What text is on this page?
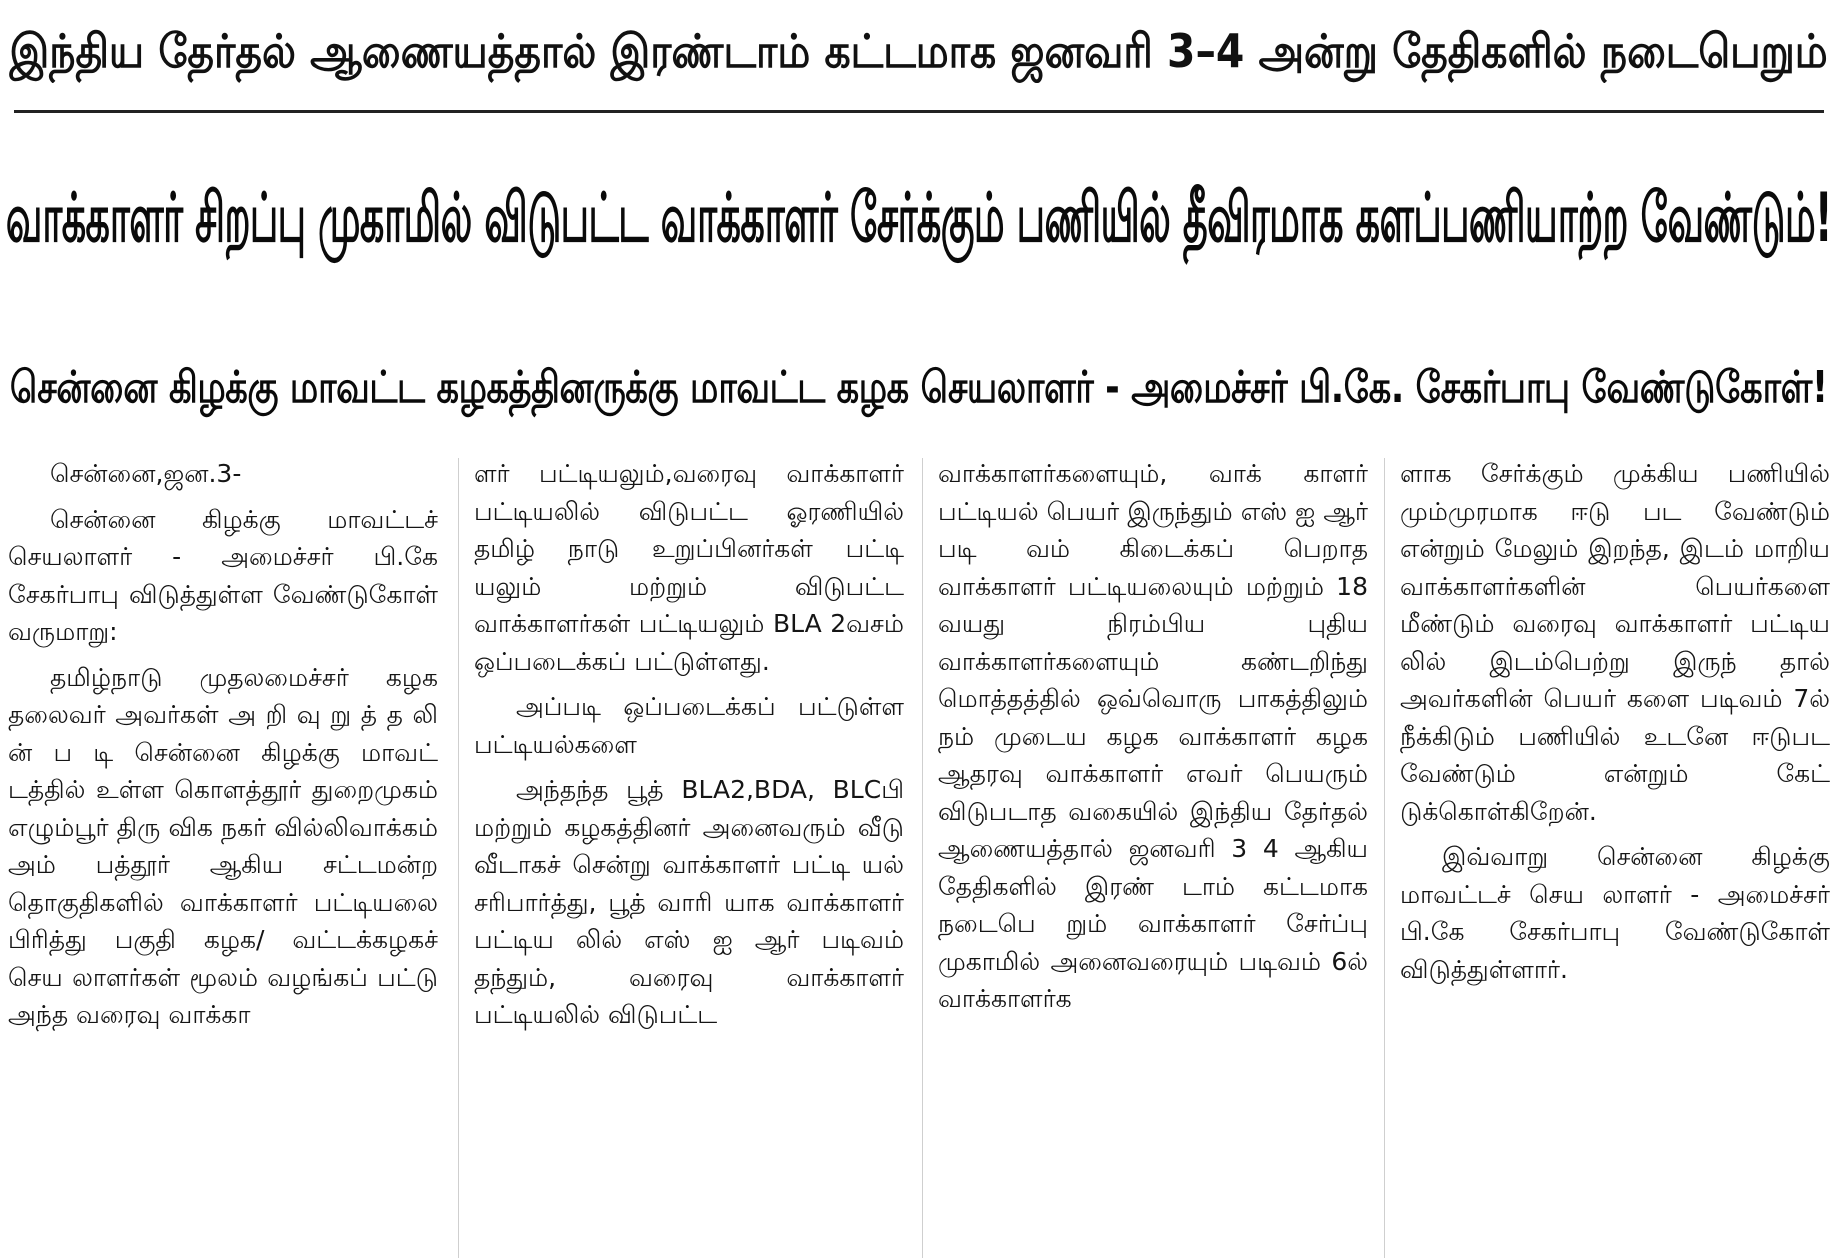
இந்திய தேர்தல் ஆணையத்தால் இரண்டாம் கட்டமாக ஜனவரி 3–4 அன்று தேதிகளில் நடைபெறும்
வாக்காளர் சிறப்பு முகாமில் விடுபட்ட வாக்காளர் சேர்க்கும் பணியில் தீவிரமாக களப்பணியாற்ற வேண்டும்!
சென்னை கிழக்கு மாவட்ட கழகத்தினருக்கு மாவட்ட கழக செயலாளர் - அமைச்சர் பி.கே. சேகர்பாபு வேண்டுகோள்!

சென்னை,ஜன.3-

சென்னை கிழக்கு மாவட்டச் செயலாளர் - அமைச்சர் பி.கே சேகர்பாபு விடுத்துள்ள வேண்டுகோள் வருமாறு:

தமிழ்நாடு முதலமைச்சர் கழக தலைவர் அவர்கள் அ றி வு று த் த லி ன் ப டி சென்னை கிழக்கு மாவட் டத்தில் உள்ள கொளத்தூர் துறைமுகம் எழும்பூர் திரு விக நகர் வில்லிவாக்கம் அம் பத்தூர் ஆகிய சட்டமன்ற தொகுதிகளில் வாக்காளர் பட்டியலை பிரித்து பகுதி கழக/ வட்டக்கழகச் செய லாளர்கள் மூலம் வழங்கப் பட்டு அந்த வரைவு வாக்கா

ளர் பட்டியலும்,வரைவு வாக்காளர் பட்டியலில் விடுபட்ட ஓரணியில் தமிழ் நாடு உறுப்பினர்கள் பட்டி யலும் மற்றும் விடுபட்ட வாக்காளர்கள் பட்டியலும் BLA 2வசம் ஒப்படைக்கப் பட்டுள்ளது.

அப்படி ஒப்படைக்கப் பட்டுள்ள பட்டியல்களை

அந்தந்த பூத் BLA2,BDA, BLCபி மற்றும் கழகத்தினர் அனைவரும் வீடு வீடாகச் சென்று வாக்காளர் பட்டி யல் சரிபார்த்து, பூத் வாரி யாக வாக்காளர் பட்டிய லில் எஸ் ஐ ஆர் படிவம் தந்தும், வரைவு வாக்காளர் பட்டியலில் விடுபட்ட

வாக்காளர்களையும், வாக் காளர் பட்டியல் பெயர் இருந்தும் எஸ் ஐ ஆர் படி வம் கிடைக்கப் பெறாத வாக்காளர் பட்டியலையும் மற்றும் 18 வயது நிரம்பிய புதிய வாக்காளர்களையும் கண்டறிந்து மொத்தத்தில் ஒவ்வொரு பாகத்திலும் நம் முடைய கழக வாக்காளர் கழக ஆதரவு வாக்காளர் எவர் பெயரும் விடுபடாத வகையில் இந்திய தேர்தல் ஆணையத்தால் ஜனவரி 3 4 ஆகிய தேதிகளில் இரண் டாம் கட்டமாக நடைபெ றும் வாக்காளர் சேர்ப்பு முகாமில் அனைவரையும் படிவம் 6ல் வாக்காளர்க

ளாக சேர்க்கும் முக்கிய பணியில் மும்முரமாக ஈடு பட வேண்டும் என்றும் மேலும் இறந்த, இடம் மாறிய வாக்காளர்களின் பெயர்களை மீண்டும் வரைவு வாக்காளர் பட்டிய லில் இடம்பெற்று இருந் தால் அவர்களின் பெயர் களை படிவம் 7ல் நீக்கிடும் பணியில் உடனே ஈடுபட வேண்டும் என்றும் கேட் டுக்கொள்கிறேன்.

இவ்வாறு சென்னை கிழக்கு மாவட்டச் செய லாளர் - அமைச்சர் பி.கே சேகர்பாபு வேண்டுகோள் விடுத்துள்ளார்.
